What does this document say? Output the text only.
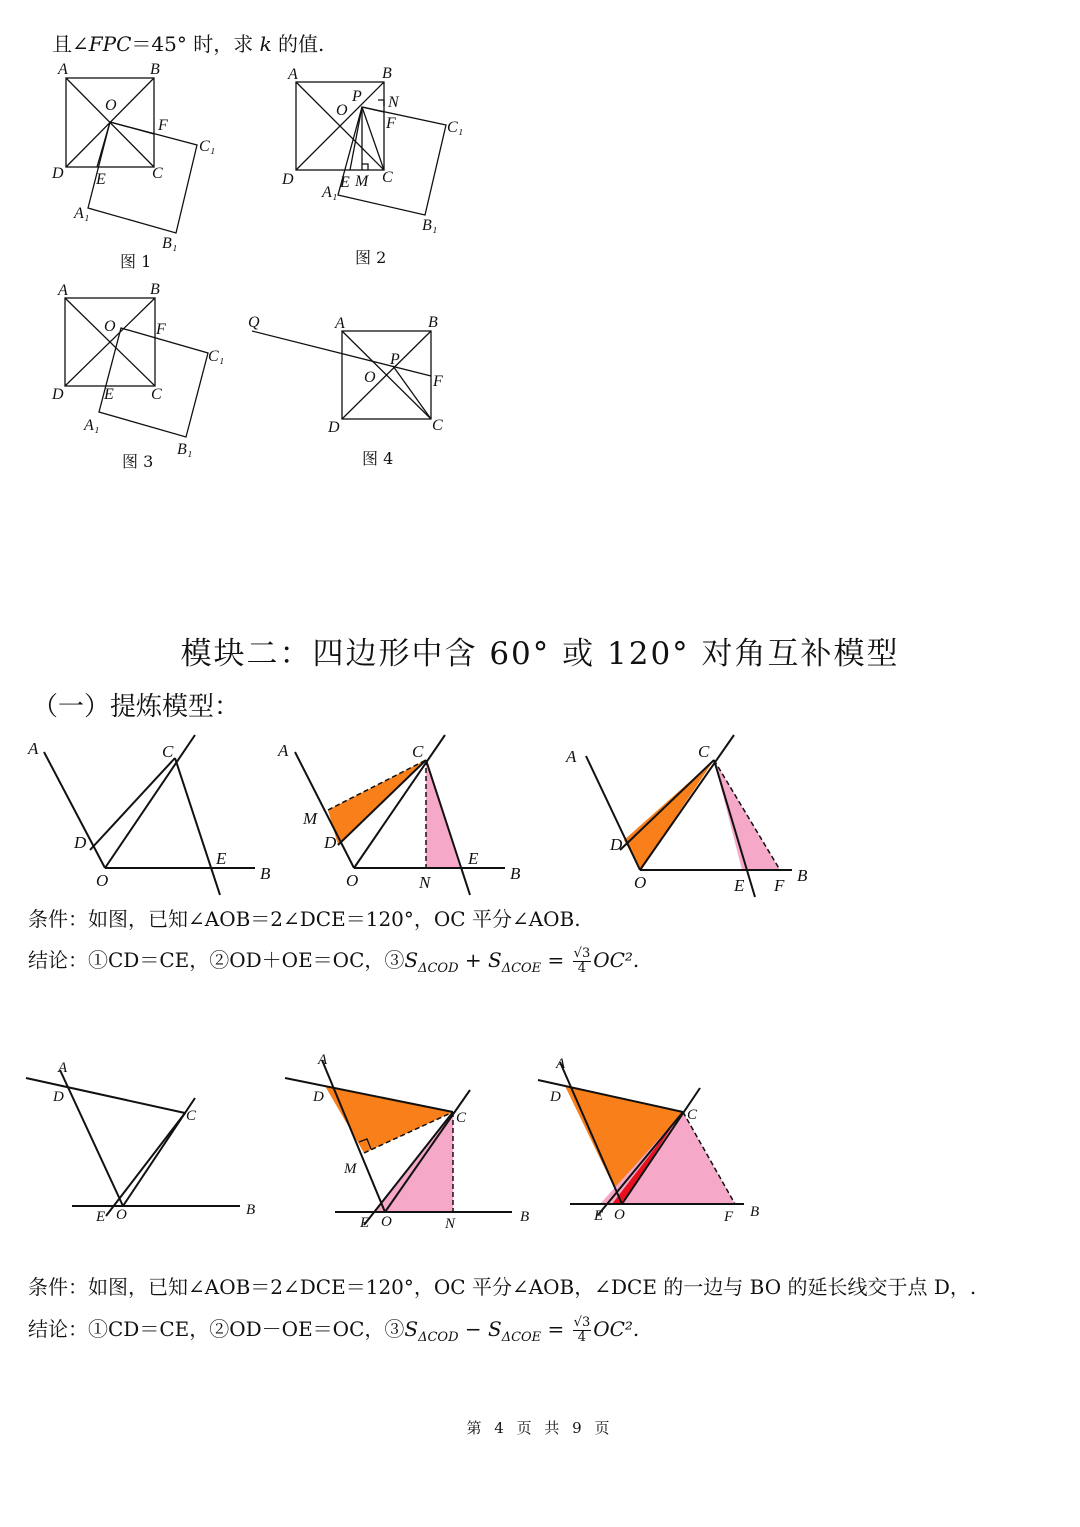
且∠FPC＝45° 时，求 k 的值.
A	B
O
F
C₁
D E	C
A₁
B₁
图 1
A	B
O
P N
F	C₁
D	E M C
A₁
B₁
图 2
A	B
O	F
C₁
D	E C
A₁
B₁
图 3
Q	A	B
P
O	F
D	C
图 4
模块二：四边形中含 60° 或 120° 对角互补模型
（一）提炼模型：
A	C
D
E
O	B
A	C
M
D
E
O	N	B
A	C
D
O	E F
B
条件：如图，已知∠AOB＝2∠DCE＝120°，OC 平分∠AOB.
结论：①CD＝CE，②OD＋OE＝OC，$③S_{\Delta COD} + S_{\Delta COE} = \frac{√3}{4} OC^2$.
A
D
C
E O	B
A
D
C
M
E O	N	B
A
D
C
E O	F B
条件：如图，已知∠AOB＝2∠DCE＝120°，OC 平分∠AOB，∠DCE 的一边与 BO 的延长线交于点 D，.
结论：①CD＝CE，②OD－OE＝OC，$③S_{\Delta COD} - S_{\Delta COE} = \frac{√3}{4} OC^2$.
第 4 页 共 9 页
